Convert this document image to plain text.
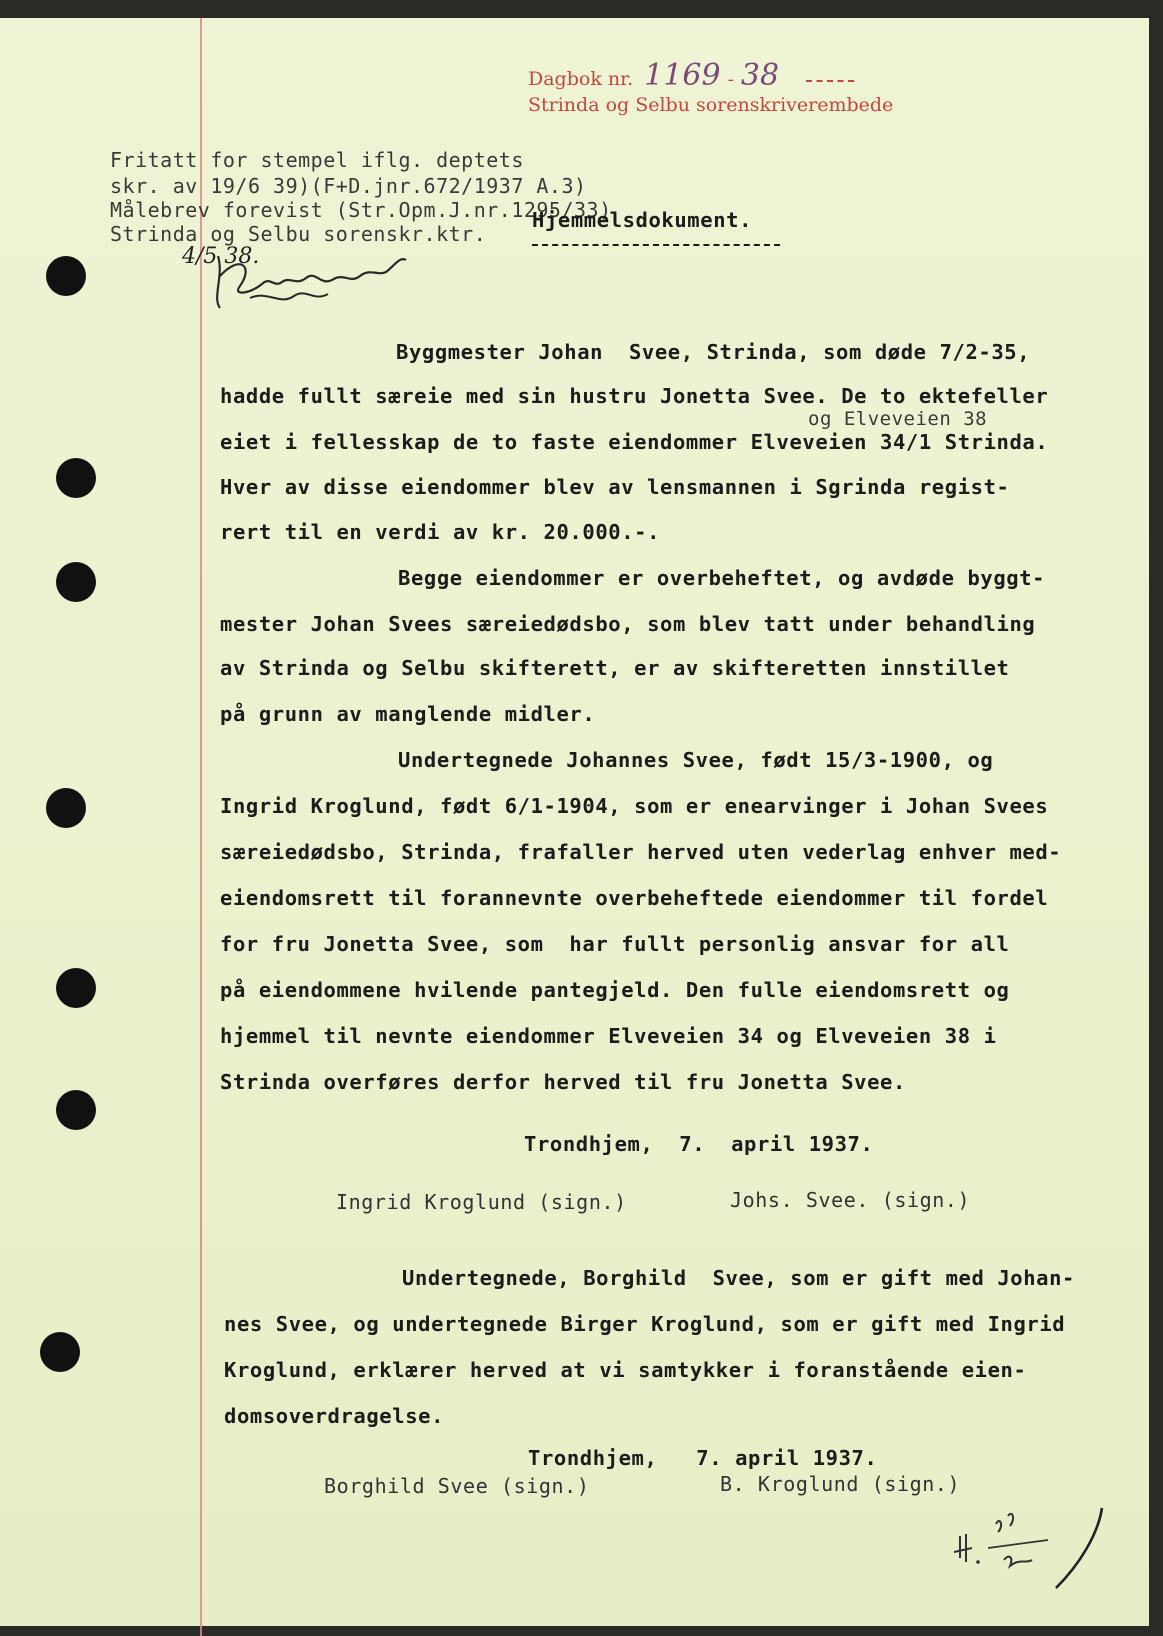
Dagbok nr. 1169 ‑ 38
Strinda og Selbu sorenskriverembede
Fritatt for stempel iflg. deptets
skr. av 19/6 39)(F+D.jnr.672/1937 A.3)
Målebrev forevist (Str.Opm.J.nr.1295/33)
Strinda og Selbu sorenskr.ktr.
4/5 38.
Hjemmelsdokument.
Byggmester Johan  Svee, Strinda, som døde 7/2-35,
hadde fullt særeie med sin hustru Jonetta Svee. De to ektefeller
og Elveveien 38
eiet i fellesskap de to faste eiendommer Elveveien 34/1 Strinda.
Hver av disse eiendommer blev av lensmannen i Sgrinda regist-
rert til en verdi av kr. 20.000.-.
Begge eiendommer er overbeheftet, og avdøde byggt-
mester Johan Svees særeiedødsbo, som blev tatt under behandling
av Strinda og Selbu skifterett, er av skifteretten innstillet
på grunn av manglende midler.
Undertegnede Johannes Svee, født 15/3-1900, og
Ingrid Kroglund, født 6/1-1904, som er enearvinger i Johan Svees
særeiedødsbo, Strinda, frafaller herved uten vederlag enhver med-
eiendomsrett til forannevnte overbeheftede eiendommer til fordel
for fru Jonetta Svee, som  har fullt personlig ansvar for all
på eiendommene hvilende pantegjeld. Den fulle eiendomsrett og
hjemmel til nevnte eiendommer Elveveien 34 og Elveveien 38 i
Strinda overføres derfor herved til fru Jonetta Svee.
Trondhjem,  7.  april 1937.
Ingrid Kroglund (sign.)	Johs. Svee. (sign.)
Undertegnede, Borghild  Svee, som er gift med Johan-
nes Svee, og undertegnede Birger Kroglund, som er gift med Ingrid
Kroglund, erklærer herved at vi samtykker i foranstående eien-
domsoverdragelse.
Trondhjem,   7. april 1937.
Borghild Svee (sign.)	B. Kroglund (sign.)
